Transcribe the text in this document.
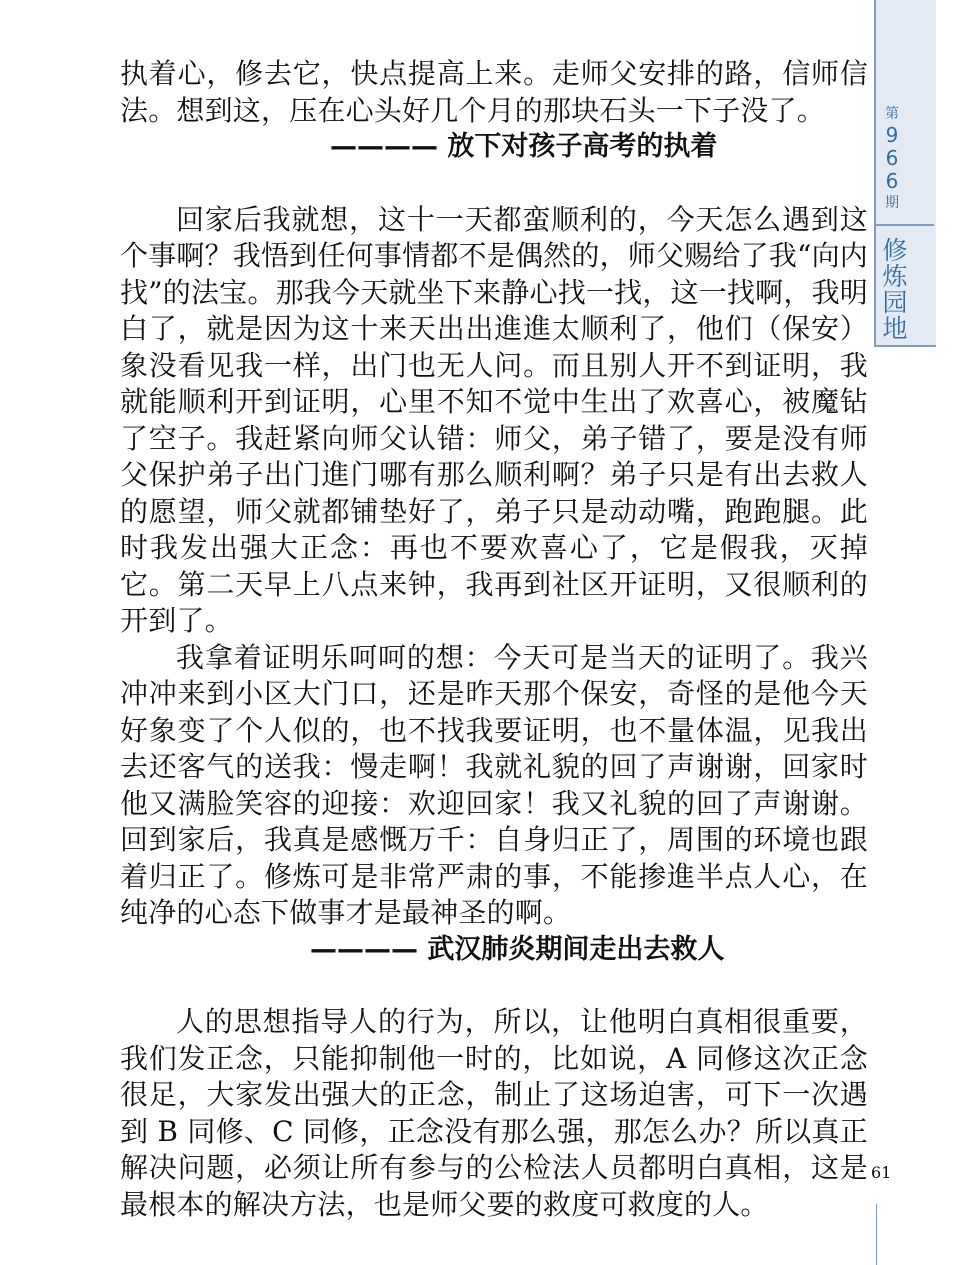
第
9
6
6
期
修
炼
园
地

执着心，修去它，快点提高上来。走师父安排的路，信师信法。想到这，压在心头好几个月的那块石头一下子没了。

———— 放下对孩子高考的执着

回家后我就想，这十一天都蛮顺利的，今天怎么遇到这个事啊？我悟到任何事情都不是偶然的，师父赐给了我“向内找”的法宝。那我今天就坐下来静心找一找，这一找啊，我明白了，就是因为这十来天出出進進太顺利了，他们（保安）象没看见我一样，出门也无人问。而且别人开不到证明，我就能顺利开到证明，心里不知不觉中生出了欢喜心，被魔钻了空子。我赶紧向师父认错：师父，弟子错了，要是没有师父保护弟子出门進门哪有那么顺利啊？弟子只是有出去救人的愿望，师父就都铺垫好了，弟子只是动动嘴，跑跑腿。此时我发出强大正念：再也不要欢喜心了，它是假我，灭掉它。第二天早上八点来钟，我再到社区开证明，又很顺利的开到了。

我拿着证明乐呵呵的想：今天可是当天的证明了。我兴冲冲来到小区大门口，还是昨天那个保安，奇怪的是他今天好象变了个人似的，也不找我要证明，也不量体温，见我出去还客气的送我：慢走啊！我就礼貌的回了声谢谢，回家时他又满脸笑容的迎接：欢迎回家！我又礼貌的回了声谢谢。回到家后，我真是感慨万千：自身归正了，周围的环境也跟着归正了。修炼可是非常严肃的事，不能掺進半点人心，在纯净的心态下做事才是最神圣的啊。

———— 武汉肺炎期间走出去救人

人的思想指导人的行为，所以，让他明白真相很重要，我们发正念，只能抑制他一时的，比如说，A 同修这次正念很足，大家发出强大的正念，制止了这场迫害，可下一次遇到 B 同修、C 同修，正念没有那么强，那怎么办？所以真正解决问题，必须让所有参与的公检法人员都明白真相，这是最根本的解决方法，也是师父要的救度可救度的人。

61
